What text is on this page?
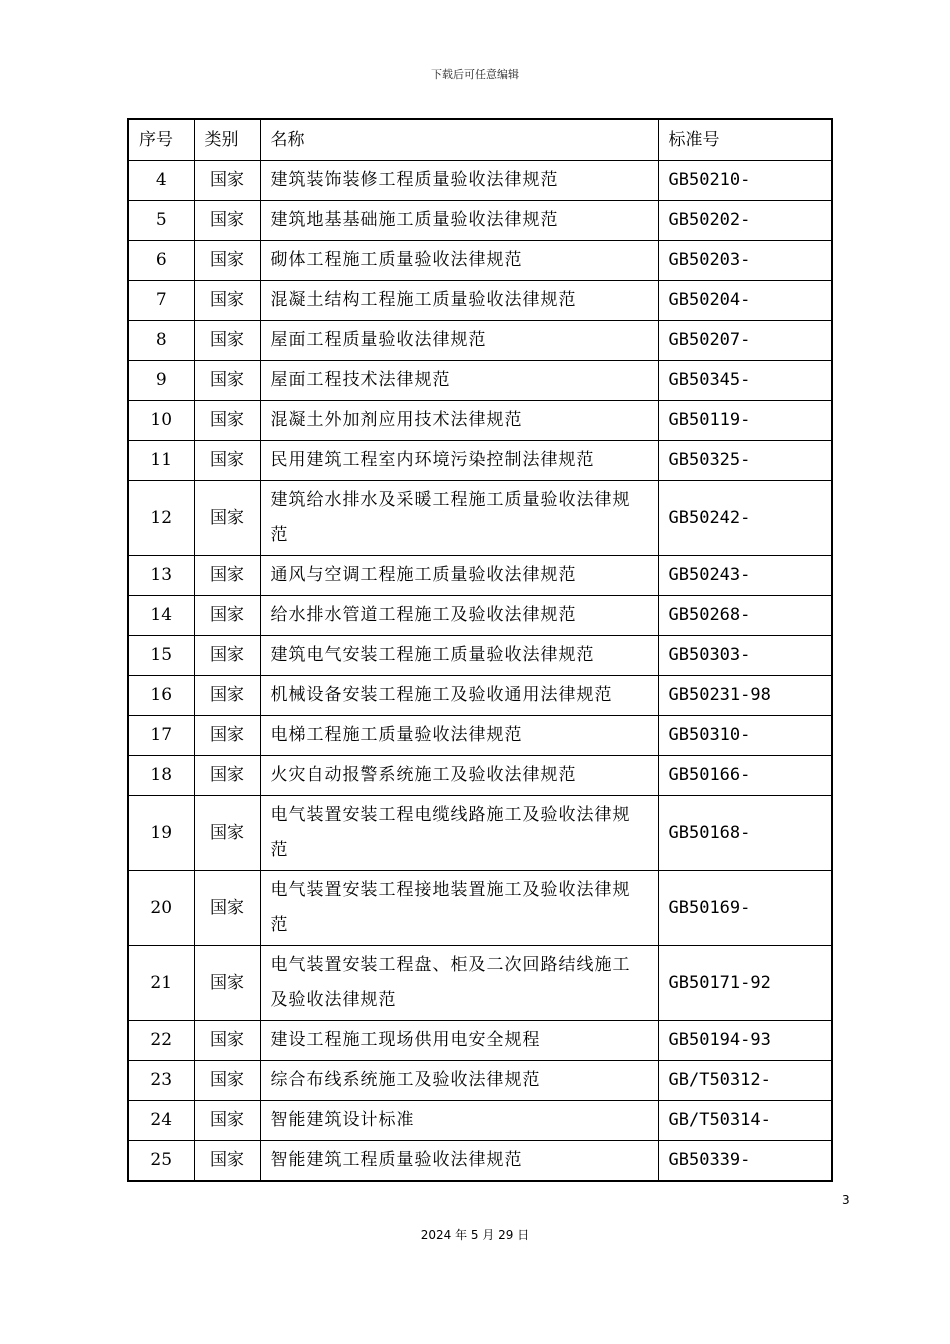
下载后可任意编辑
序号	类别	名称	标准号
4	国家	建筑装饰装修工程质量验收法律规范	GB50210-
5	国家	建筑地基基础施工质量验收法律规范	GB50202-
6	国家	砌体工程施工质量验收法律规范	GB50203-
7	国家	混凝土结构工程施工质量验收法律规范	GB50204-
8	国家	屋面工程质量验收法律规范	GB50207-
9	国家	屋面工程技术法律规范	GB50345-
10	国家	混凝土外加剂应用技术法律规范	GB50119-
11	国家	民用建筑工程室内环境污染控制法律规范	GB50325-
12	国家	建筑给水排水及采暖工程施工质量验收法律规范	GB50242-
13	国家	通风与空调工程施工质量验收法律规范	GB50243-
14	国家	给水排水管道工程施工及验收法律规范	GB50268-
15	国家	建筑电气安装工程施工质量验收法律规范	GB50303-
16	国家	机械设备安装工程施工及验收通用法律规范	GB50231-98
17	国家	电梯工程施工质量验收法律规范	GB50310-
18	国家	火灾自动报警系统施工及验收法律规范	GB50166-
19	国家	电气装置安装工程电缆线路施工及验收法律规范	GB50168-
20	国家	电气装置安装工程接地装置施工及验收法律规范	GB50169-
21	国家	电气装置安装工程盘、柜及二次回路结线施工及验收法律规范	GB50171-92
22	国家	建设工程施工现场供用电安全规程	GB50194-93
23	国家	综合布线系统施工及验收法律规范	GB/T50312-
24	国家	智能建筑设计标准	GB/T50314-
25	国家	智能建筑工程质量验收法律规范	GB50339-
3
2024 年 5 月 29 日
